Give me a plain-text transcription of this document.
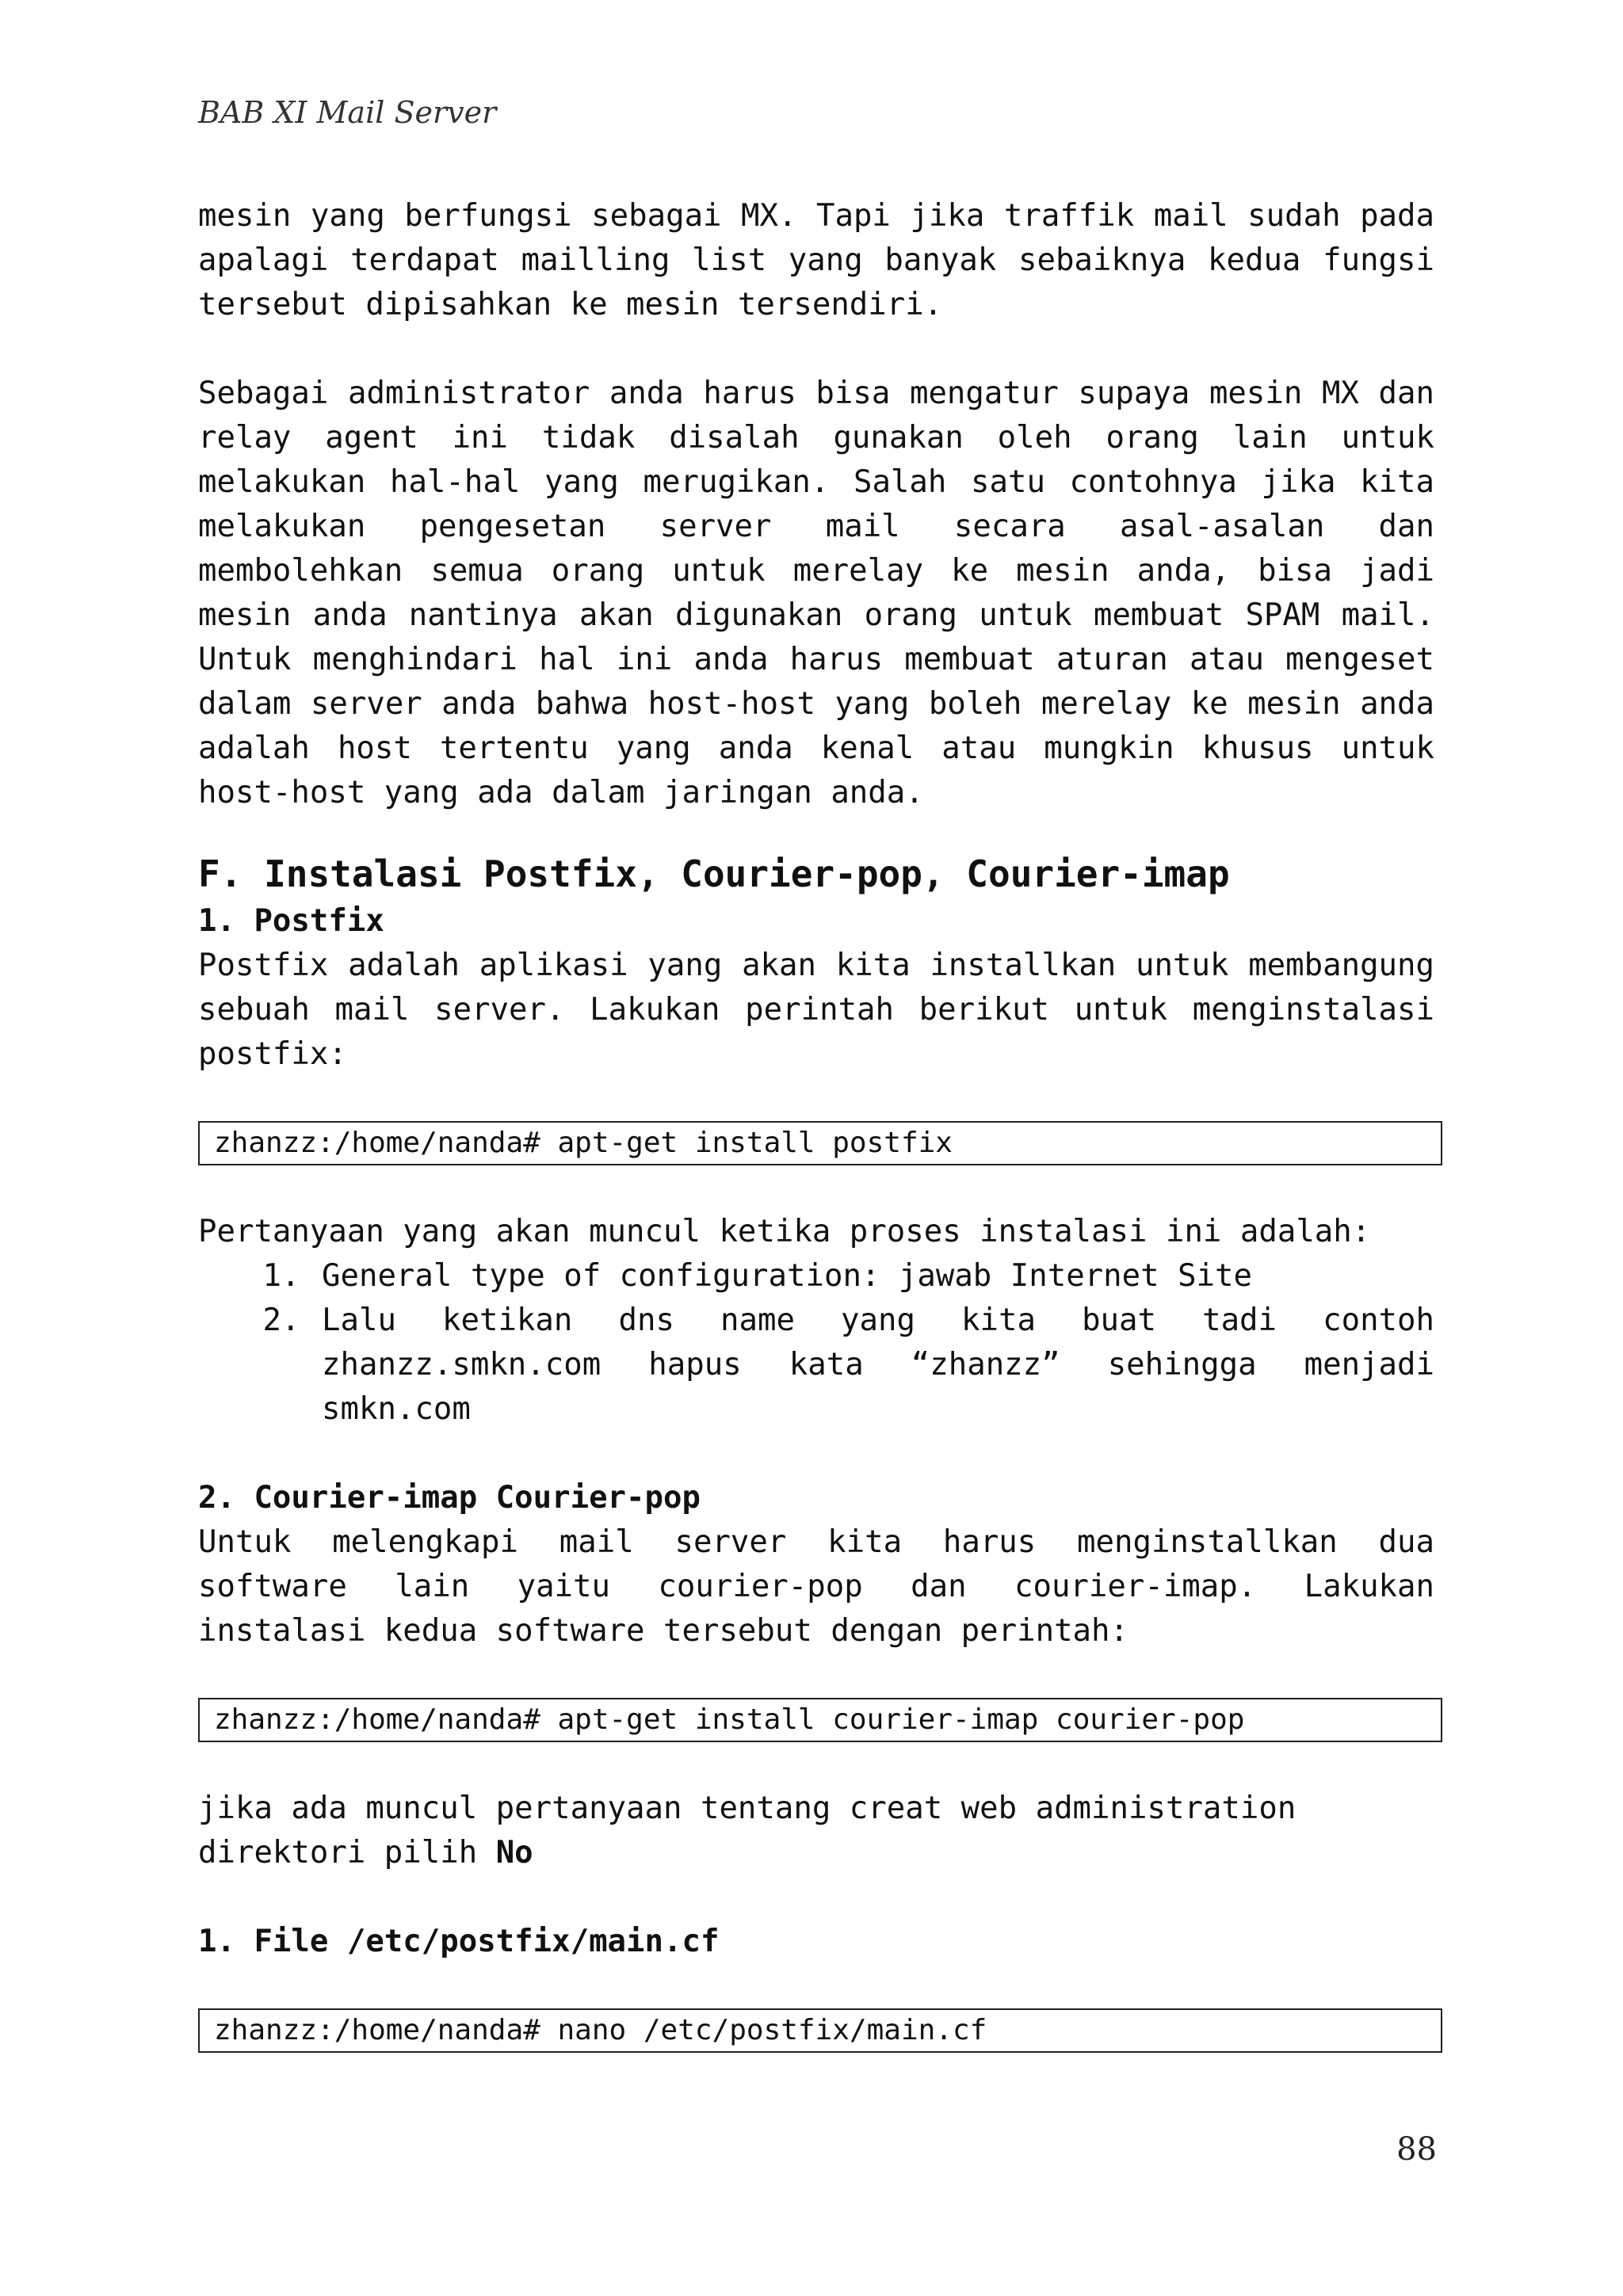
BAB XI Mail Server

mesin yang berfungsi sebagai MX. Tapi jika traffik mail sudah pada apalagi terdapat mailling list yang banyak sebaiknya kedua fungsi tersebut dipisahkan ke mesin tersendiri.

Sebagai administrator anda harus bisa mengatur supaya mesin MX dan relay agent ini tidak disalah gunakan oleh orang lain untuk melakukan hal-hal yang merugikan. Salah satu contohnya jika kita melakukan pengesetan server mail secara asal-asalan dan membolehkan semua orang untuk merelay ke mesin anda, bisa jadi mesin anda nantinya akan digunakan orang untuk membuat SPAM mail. Untuk menghindari hal ini anda harus membuat aturan atau mengeset dalam server anda bahwa host-host yang boleh merelay ke mesin anda adalah host tertentu yang anda kenal atau mungkin khusus untuk host-host yang ada dalam jaringan anda.

F. Instalasi Postfix, Courier-pop, Courier-imap
1. Postfix

Postfix adalah aplikasi yang akan kita installkan untuk membangung sebuah mail server. Lakukan perintah berikut untuk menginstalasi postfix:

zhanzz:/home/nanda# apt-get install postfix

Pertanyaan yang akan muncul ketika proses instalasi ini adalah:

1. General type of configuration: jawab Internet Site
2. Lalu ketikan dns name yang kita buat tadi contoh zhanzz.smkn.com hapus kata “zhanzz” sehingga menjadi smkn.com
2. Courier-imap Courier-pop

Untuk melengkapi mail server kita harus menginstallkan dua software lain yaitu courier-pop dan courier-imap. Lakukan instalasi kedua software tersebut dengan perintah:

zhanzz:/home/nanda# apt-get install courier-imap courier-pop

jika ada muncul pertanyaan tentang creat web administration

direktori pilih No

1. File /etc/postfix/main.cf
zhanzz:/home/nanda# nano /etc/postfix/main.cf
88
